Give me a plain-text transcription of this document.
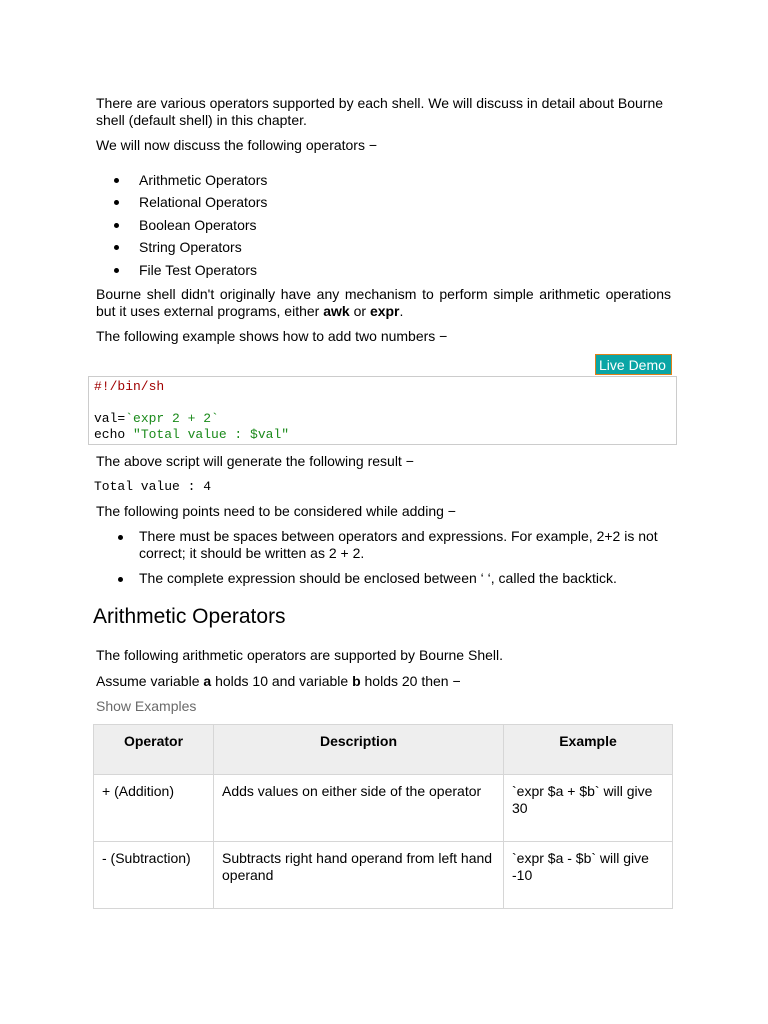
There are various operators supported by each shell. We will discuss in detail about Bourne shell (default shell) in this chapter.

We will now discuss the following operators −

Arithmetic Operators
Relational Operators
Boolean Operators
String Operators
File Test Operators

Bourne shell didn't originally have any mechanism to perform simple arithmetic operations but it uses external programs, either awk or expr.

The following example shows how to add two numbers −

Live Demo
#!/bin/sh
val=`expr 2 + 2`
echo "Total value : $val"

The above script will generate the following result −

Total value : 4

The following points need to be considered while adding −

There must be spaces between operators and expressions. For example, 2+2 is not correct; it should be written as 2 + 2.
The complete expression should be enclosed between ‘ ‘, called the backtick.
Arithmetic Operators

The following arithmetic operators are supported by Bourne Shell.

Assume variable a holds 10 and variable b holds 20 then −

Show Examples
Operator	Description	Example
+ (Addition)	Adds values on either side of the operator	`expr $a + $b` will give 30
- (Subtraction)	Subtracts right hand operand from left hand operand	`expr $a - $b` will give -10
